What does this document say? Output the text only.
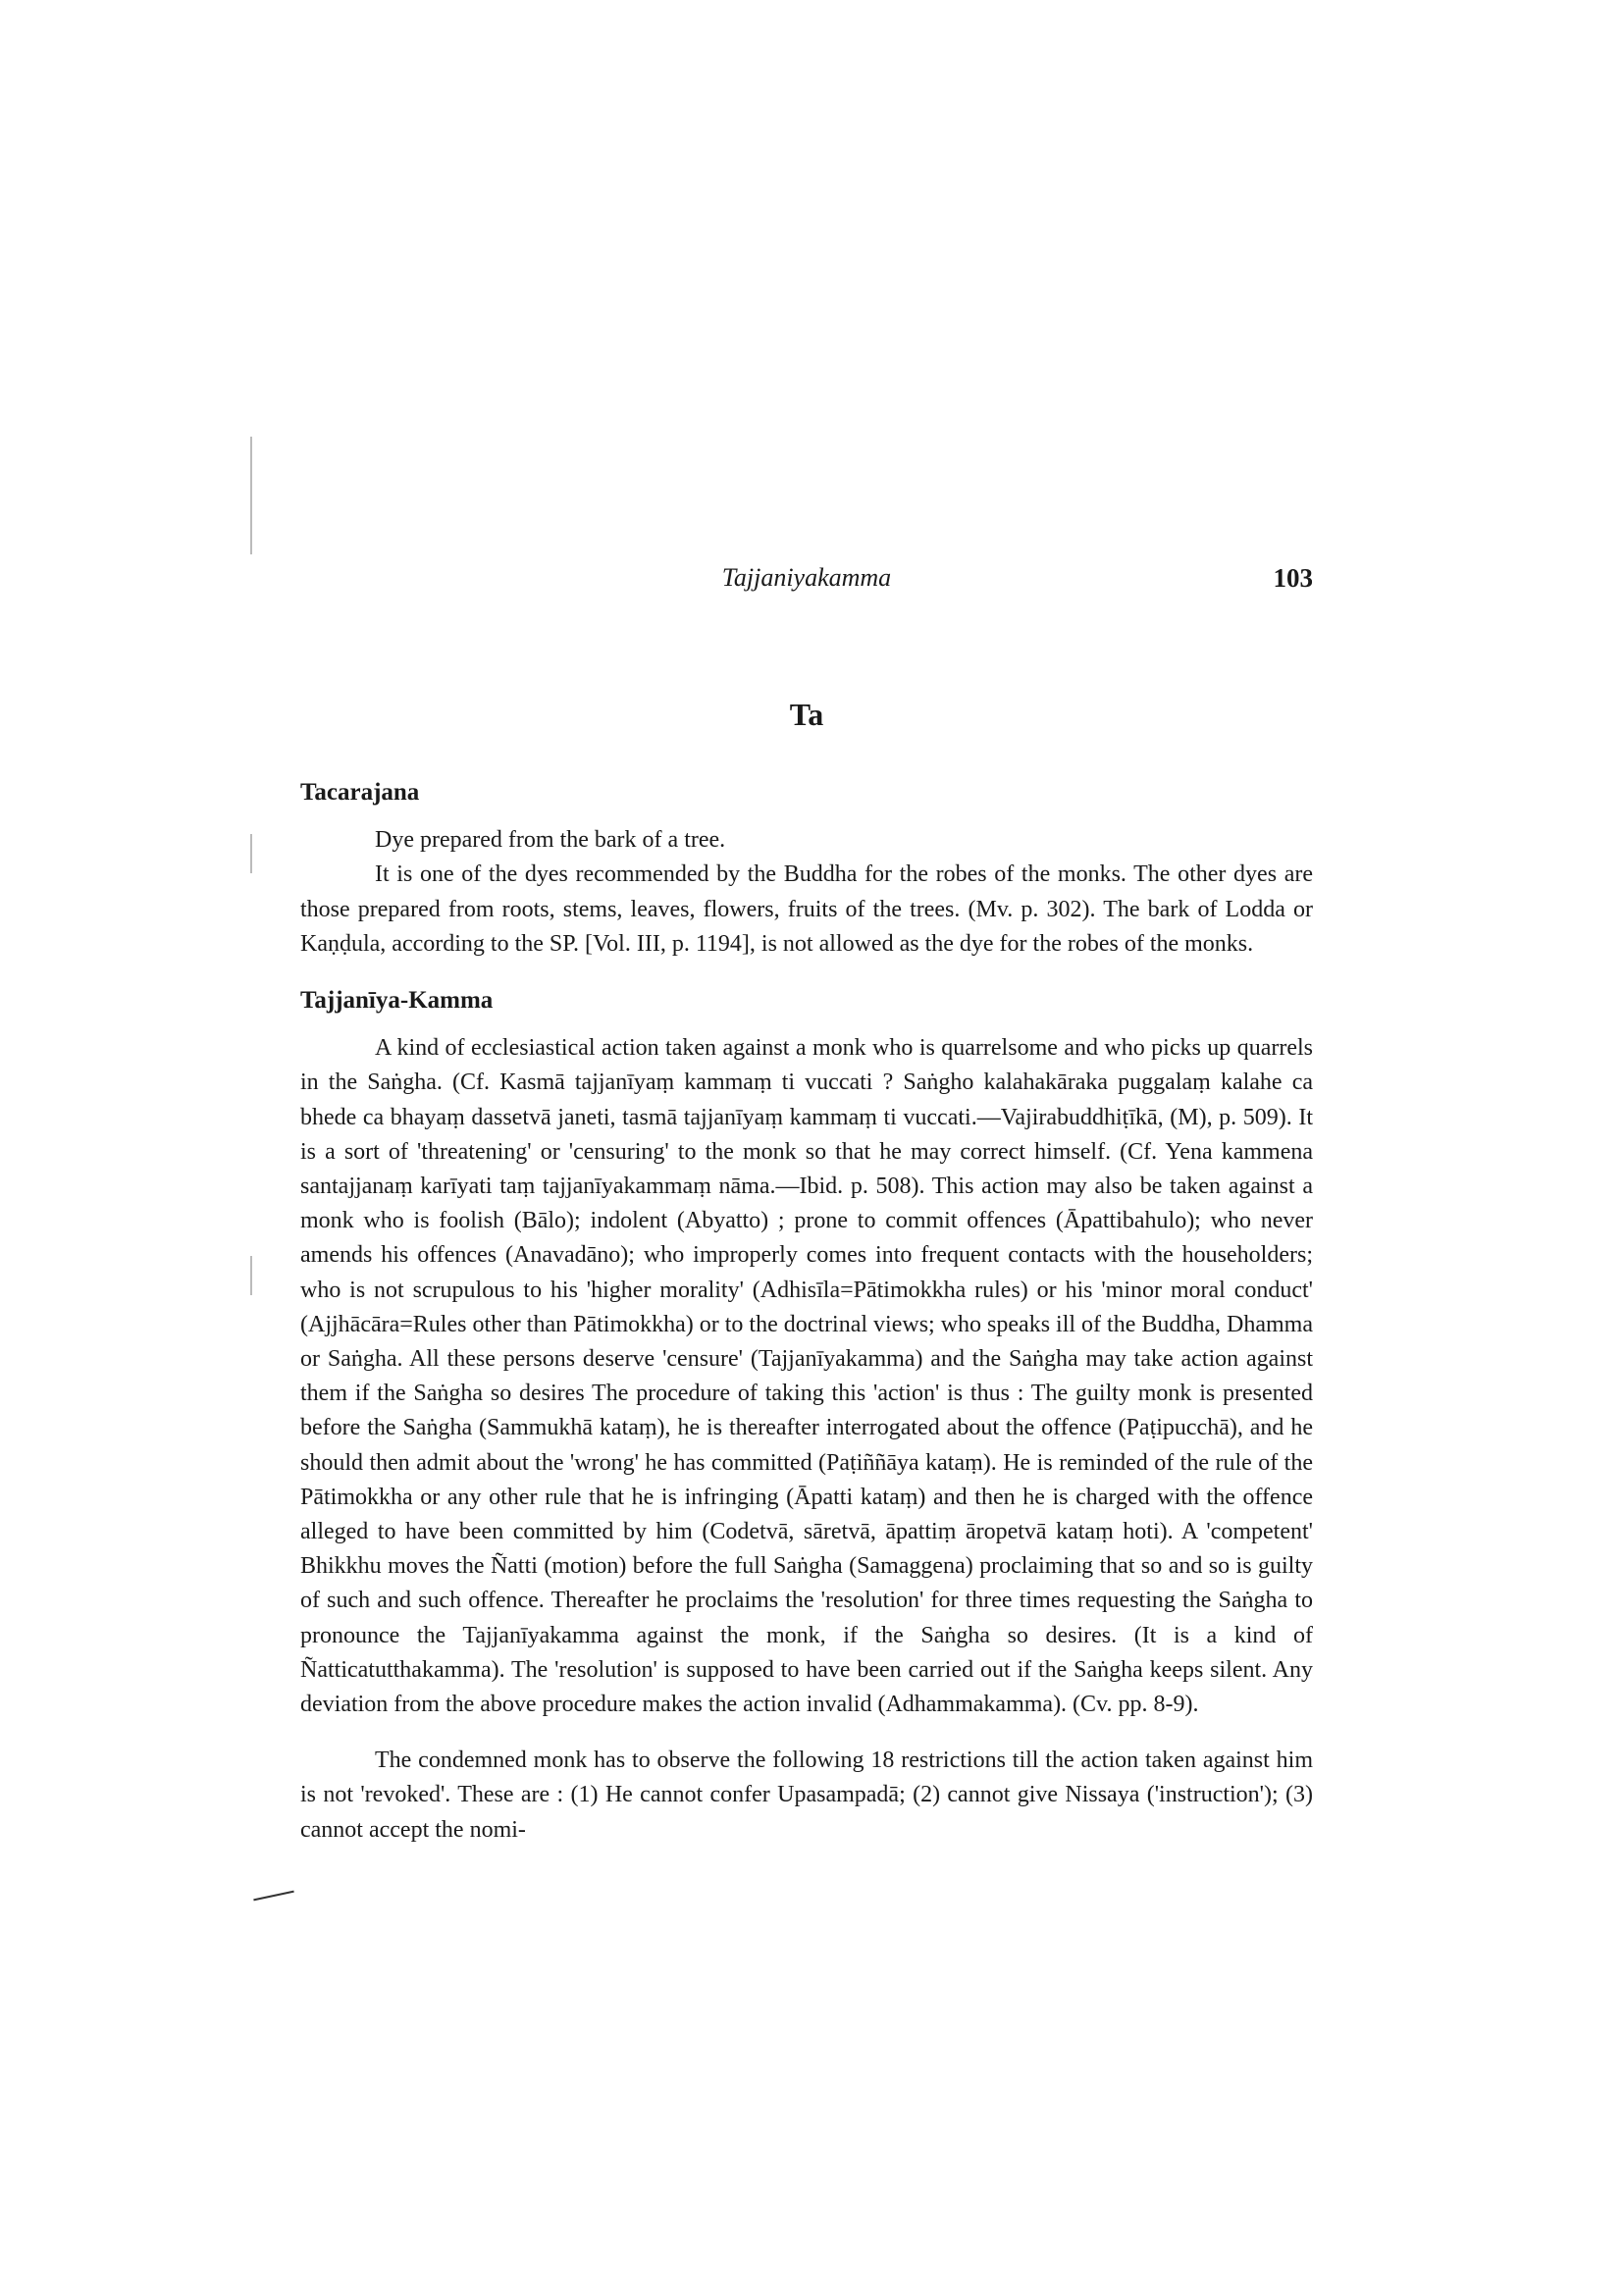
Tajjaniyakamma	103
Ta
Tacarajana

Dye prepared from the bark of a tree.

It is one of the dyes recommended by the Buddha for the robes of the monks. The other dyes are those prepared from roots, stems, leaves, flowers, fruits of the trees. (Mv. p. 302). The bark of Lodda or Kaṇḍula, according to the SP. [Vol. III, p. 1194], is not allowed as the dye for the robes of the monks.

Tajjanīya-Kamma

A kind of ecclesiastical action taken against a monk who is quarrelsome and who picks up quarrels in the Saṅgha. (Cf. Kasmā tajjanīyaṃ kammaṃ ti vuccati ? Saṅgho kalahakāraka puggalaṃ kalahe ca bhede ca bhayaṃ dassetvā janeti, tasmā tajjanīyaṃ kammaṃ ti vuccati.—Vajirabuddhiṭīkā, (M), p. 509). It is a sort of 'threatening' or 'censuring' to the monk so that he may correct himself. (Cf. Yena kammena santajjanaṃ karīyati taṃ tajjanīyakammaṃ nāma.—Ibid. p. 508). This action may also be taken against a monk who is foolish (Bālo); indolent (Abyatto) ; prone to commit offences (Āpattibahulo); who never amends his offences (Anavadāno); who improperly comes into frequent contacts with the householders; who is not scrupulous to his 'higher morality' (Adhisīla=Pātimokkha rules) or his 'minor moral conduct' (Ajjhācāra=Rules other than Pātimokkha) or to the doctrinal views; who speaks ill of the Buddha, Dhamma or Saṅgha. All these persons deserve 'censure' (Tajjanīyakamma) and the Saṅgha may take action against them if the Saṅgha so desires The procedure of taking this 'action' is thus : The guilty monk is presented before the Saṅgha (Sammukhā kataṃ), he is thereafter interrogated about the offence (Paṭipucchā), and he should then admit about the 'wrong' he has committed (Paṭiññāya kataṃ). He is reminded of the rule of the Pātimokkha or any other rule that he is infringing (Āpatti kataṃ) and then he is charged with the offence alleged to have been committed by him (Codetvā, sāretvā, āpattiṃ āropetvā kataṃ hoti). A 'competent' Bhikkhu moves the Ñatti (motion) before the full Saṅgha (Samaggena) proclaiming that so and so is guilty of such and such offence. Thereafter he proclaims the 'resolution' for three times requesting the Saṅgha to pronounce the Tajjanīyakamma against the monk, if the Saṅgha so desires. (It is a kind of Ñatticatutthakamma). The 'resolution' is supposed to have been carried out if the Saṅgha keeps silent. Any deviation from the above procedure makes the action invalid (Adhammakamma). (Cv. pp. 8-9).

The condemned monk has to observe the following 18 restrictions till the action taken against him is not 'revoked'. These are : (1) He cannot confer Upasampadā; (2) cannot give Nissaya ('instruction'); (3) cannot accept the nomi-
